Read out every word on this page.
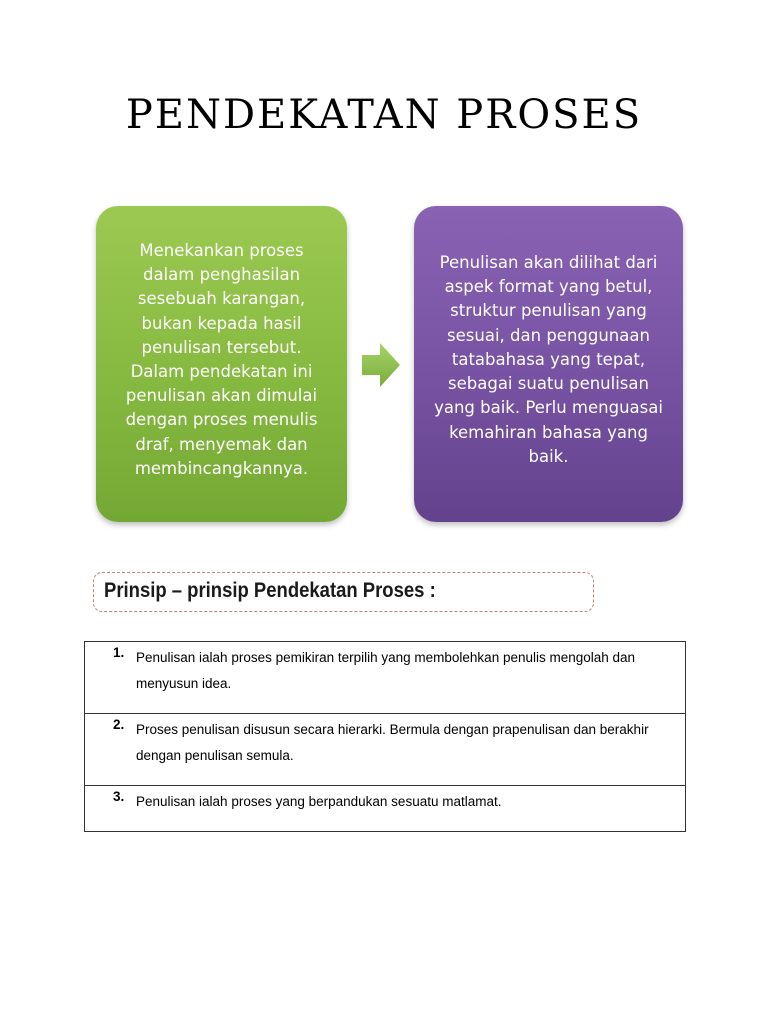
PENDEKATAN PROSES
Menekankan proses dalam penghasilan sesebuah karangan, bukan kepada hasil penulisan tersebut. Dalam pendekatan ini penulisan akan dimulai dengan proses menulis draf, menyemak dan membincangkannya.
Penulisan akan dilihat dari aspek format yang betul, struktur penulisan yang sesuai, dan penggunaan tatabahasa yang tepat, sebagai suatu penulisan yang baik. Perlu menguasai kemahiran bahasa yang baik.
Prinsip – prinsip Pendekatan Proses :
1. Penulisan ialah proses pemikiran terpilih yang membolehkan penulis mengolah dan menyusun idea.
2. Proses penulisan disusun secara hierarki. Bermula dengan prapenulisan dan berakhir dengan penulisan semula.
3. Penulisan ialah proses yang berpandukan sesuatu matlamat.
